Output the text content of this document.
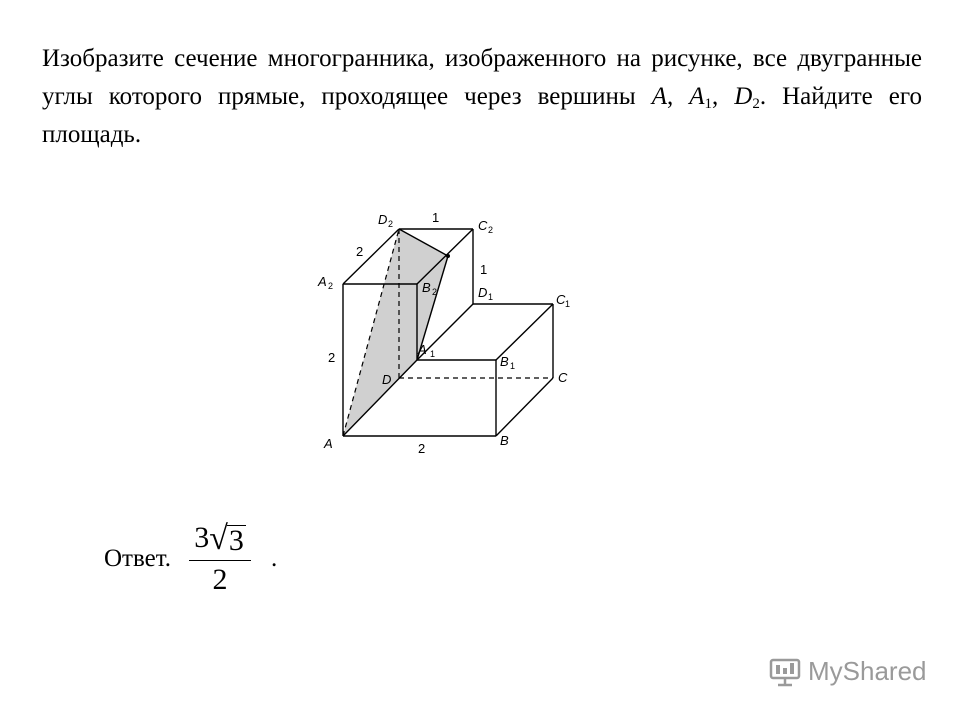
Изобразите сечение многогранника, изображенного на рисунке, все двугранные углы которого прямые, проходящее через вершины A, $A_1$, $D_2$. Найдите его площадь.
A	B
C
D
A 1	B 1
C 1
D 1
A 2	B 2
C 2
D 2	1
1
2
2
2
Ответ. $\frac{3 √ 3}{2}$ .
MyShared
